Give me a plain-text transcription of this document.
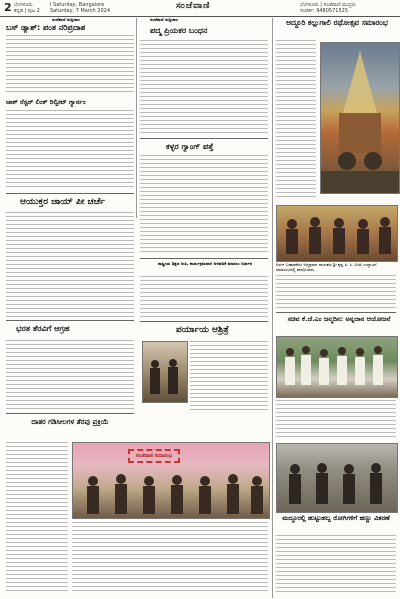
2 ಬೆಂಗಳೂರು
ಕನ್ನಡ | ಪುಟ 2
I Saturday, Bangalore
Saturday, 7 March 2024	ಸಂಜೆವಾಣಿ	ಬೆಂಗಳೂರು | ಸಂಜೆವಾಣಿ ಮುದ್ರಣ
ಸಂಪರ್ಕ: 9480571525
ಸಂಜೆವಾಣಿ ಸುದ್ದಿಜಾಲ
ಬಸ್ ಡ್ಯಾಶ್: ಪಂತ ನರಿಪ್ರದಾಶ
ಚಾಕ್ ರೆಸ್ಟರ್ ಲಿಂಕ್ ರಿಲ್ವೀಟ್ ಗ್ಯಾರ್ನಂ
ಸಂಜೆವಾಣಿ ಸುದ್ದಿಜಾಲ
ಪದ್ಮ ಪ್ರಿಯಕರ ಬಂಧನ
ಅದ್ದೂರಿ ಕಲ್ಲುಗಾಲಿ ರಥೋತ್ಸವ ಸಮಾರಂಭ
ನಿಸರ್ಗ ಬಡಾವಣೆಯ ಅಧ್ಯಕ್ಷರಾದ ನಾಯಕರು ಶ್ರೀ ಕೃಷ್ಣ ಪಿ. ಸಿ. ಬಿಜಿಸಿ ಉದ್ಘಾಟನೆ ಸಮಾರಂಭದಲ್ಲಿ ಪಾಲ್ಗೊಂಡರು.
ಕಳ್ಳರ ಗ್ಯಾಂಗ್ ಪತ್ತೆ
ಆಯುಕ್ತರ ಜಾಯ್ ಪೀ ಚರ್ಚೆ
ರಾಷ್ಟ್ರೀಯ ಶಿಕ್ಷಣ ನೀತಿ, ಕಾರ್ಯಕ್ರಮವಾಗಿ ಅಳವಡಿಕೆ ಮಾಡಲು ನಿರ್ಧಾರ
ಭರತ ತೆರವಿಗೆ ಆಗ್ರಹ	ಪರ್ಯಾಯ ಆಶ್ರಿತ್ರೆ
ಸಚಿವ ಕೆ.ಜೆ.ಎಂ ಜನ್ಮದಿನ: ಅನ್ನದಾನ ಆಯೋಜನೆ
ದಾತರ ಗಡಿಸೀಲಗಳ ತೆರವು ಪ್ರಕ್ರಿಯೆ
ಸಂಜೆವಾಣಿ ಸಮಾರಂಭ
ಮದ್ದೂರಲ್ಲಿ ಹುಟ್ಟುಹಬ್ಬ ರೋಗಿಗಳಿಗೆ ಹಣ್ಣು ವಿತರಣೆ
